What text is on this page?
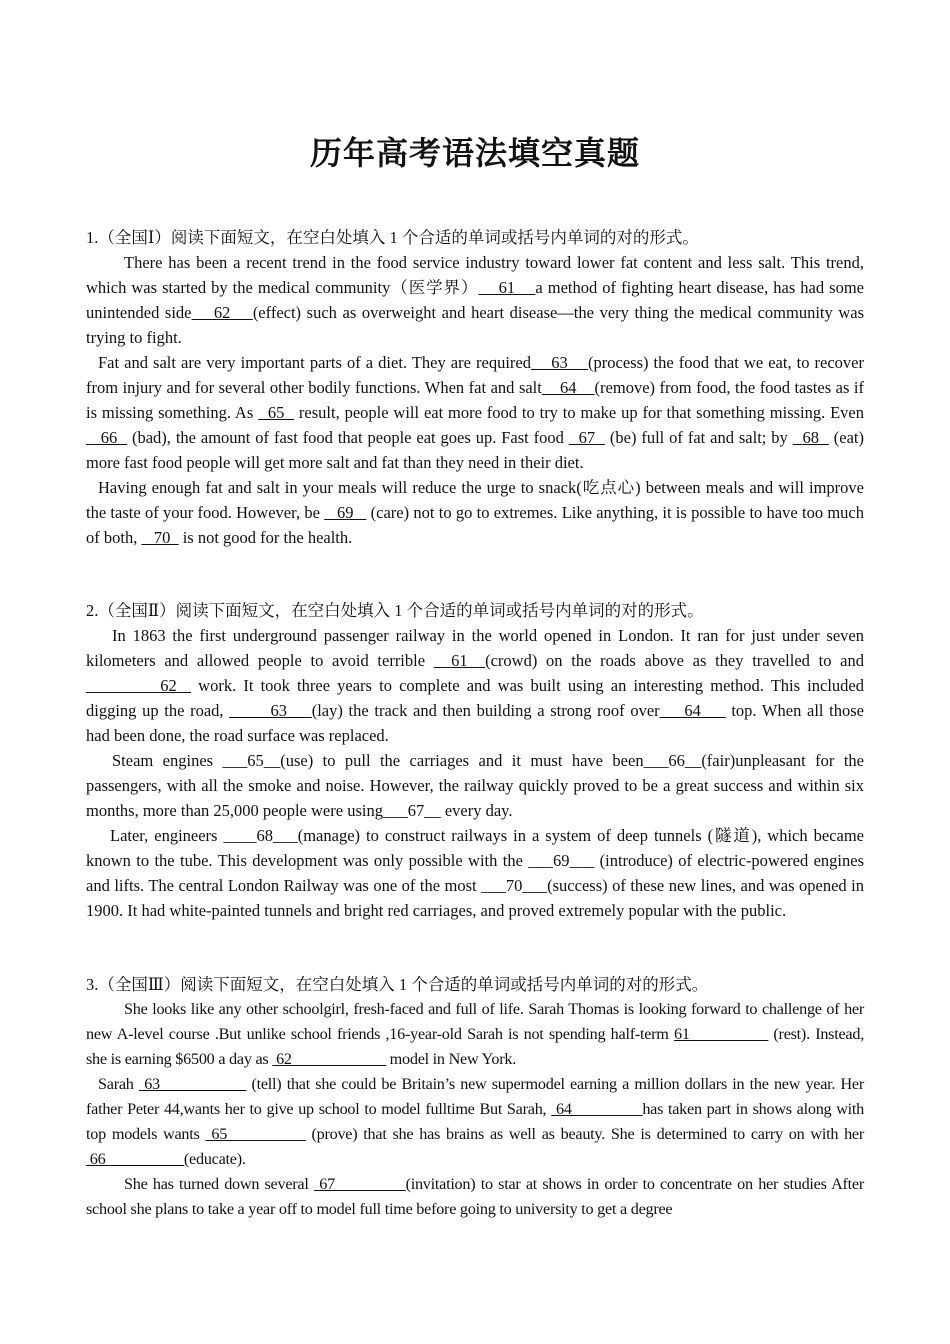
历年高考语法填空真题

1.（全国Ⅰ）阅读下面短文，在空白处填入 1 个合适的单词或括号内单词的对的形式。

There has been a recent trend in the food service industry toward lower fat content and less salt. This trend, which was started by the medical community（医学界）    61    a method of fighting heart disease, has had some unintended side    62    (effect) such as overweight and heart disease—the very thing the medical community was trying to fight.

Fat and salt are very important parts of a diet. They are required    63    (process) the food that we eat, to recover from injury and for several other bodily functions. When fat and salt    64    (remove) from food, the food tastes as if is missing something. As   65   result, people will eat more food to try to make up for that something missing. Even    66   (bad), the amount of fast food that people eat goes up. Fast food   67   (be) full of fat and salt; by   68   (eat) more fast food people will get more salt and fat than they need in their diet.

Having enough fat and salt in your meals will reduce the urge to snack(吃点心) between meals and will improve the taste of your food. However, be    69    (care) not to go to extremes. Like anything, it is possible to have too much of both,    70   is not good for the health.

2.（全国Ⅱ）阅读下面短文，在空白处填入 1 个合适的单词或括号内单词的对的形式。

In 1863 the first underground passenger railway in the world opened in London. It ran for just under seven kilometers and allowed people to avoid terrible   61  (crowd) on the roads above as they travelled to and _________62   work. It took three years to complete and was built using an interesting method. This included digging up the road, _____63___(lay) the track and then building a strong roof over___64___ top. When all those had been done, the road surface was replaced.

Steam engines ___65__(use) to pull the carriages and it must have been___66__(fair)unpleasant for the passengers, with all the smoke and noise. However, the railway quickly proved to be a great success and within six months, more than 25,000 people were using___67__ every day.

Later, engineers ____68___(manage) to construct railways in a system of deep tunnels (隧道), which became known to the tube. This development was only possible with the ___69___ (introduce) of electric-powered engines and lifts. The central London Railway was one of the most ___70___(success) of these new lines, and was opened in 1900. It had white-painted tunnels and bright red carriages, and proved extremely popular with the public.

3.（全国Ⅲ）阅读下面短文，在空白处填入 1 个合适的单词或括号内单词的对的形式。

She looks like any other schoolgirl, fresh-faced and full of life. Sarah Thomas is looking forward to challenge of her new A-level course .But unlike school friends ,16-year-old Sarah is not spending half-term 61__________ (rest). Instead, she is earning $6500 a day as  62____________ model in New York.

Sarah  63___________ (tell) that she could be Britain’s new supermodel earning a million dollars in the new year. Her father Peter 44,wants her to give up school to model fulltime But Sarah,  64_________has taken part in shows along with top models wants  65__________ (prove) that she has brains as well as beauty. She is determined to carry on with her 66__________(educate).

She has turned down several  67_________(invitation) to star at shows in order to concentrate on her studies After school she plans to take a year off to model full time before going to university to get a degree
